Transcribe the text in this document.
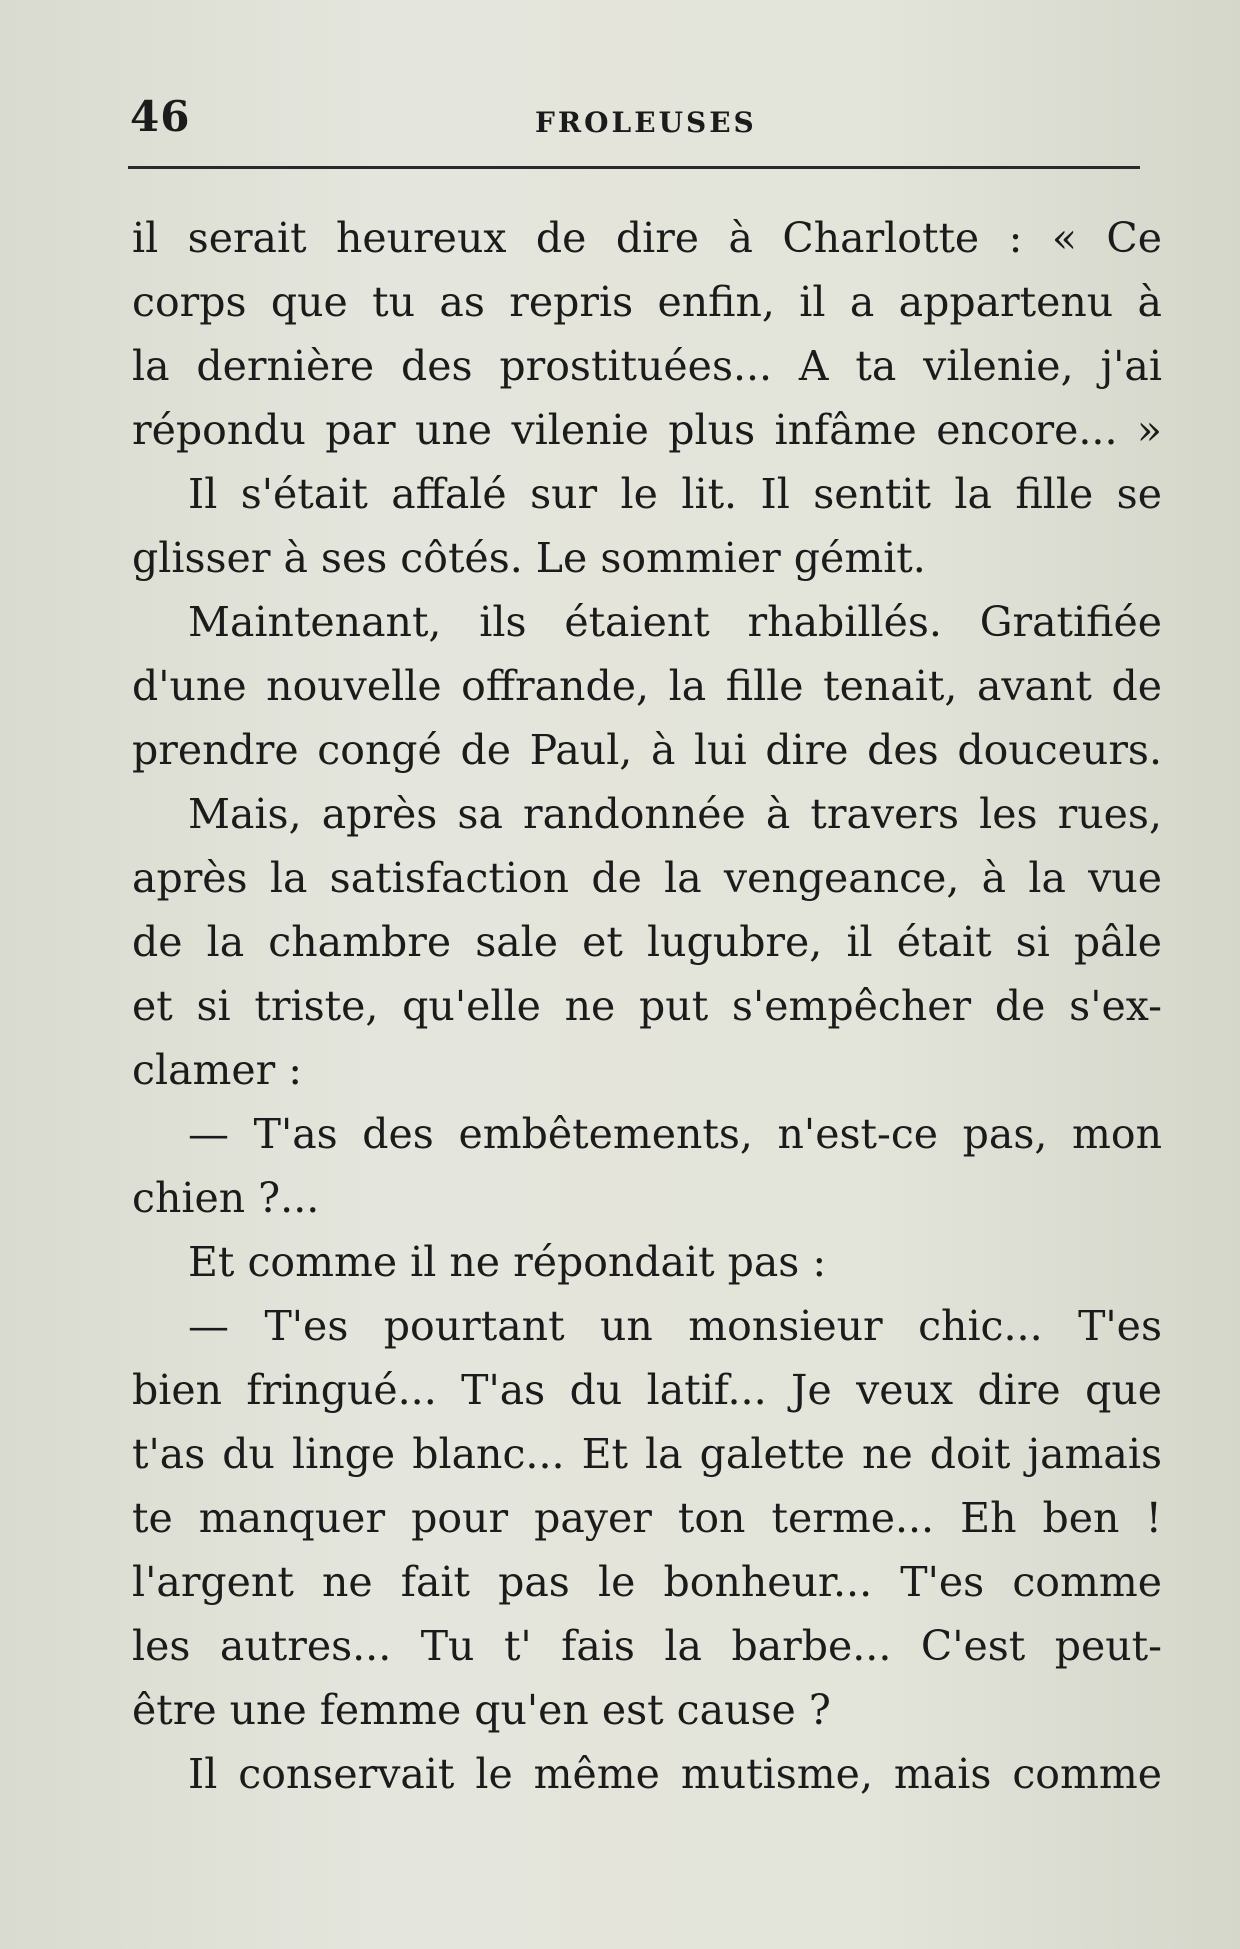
46	FROLEUSES
il serait heureux de dire à Charlotte : « Ce
corps que tu as repris enfin, il a appartenu à
la dernière des prostituées... A ta vilenie, j'ai
répondu par une vilenie plus infâme encore... »
Il s'était affalé sur le lit. Il sentit la fille se
glisser à ses côtés. Le sommier gémit.
Maintenant, ils étaient rhabillés. Gratifiée
d'une nouvelle offrande, la fille tenait, avant de
prendre congé de Paul, à lui dire des douceurs.
Mais, après sa randonnée à travers les rues,
après la satisfaction de la vengeance, à la vue
de la chambre sale et lugubre, il était si pâle
et si triste, qu'elle ne put s'empêcher de s'ex-
clamer :
— T'as des embêtements, n'est-ce pas, mon
chien ?...
Et comme il ne répondait pas :
— T'es pourtant un monsieur chic... T'es
bien fringué... T'as du latif... Je veux dire que
t'as du linge blanc... Et la galette ne doit jamais
te manquer pour payer ton terme... Eh ben !
l'argent ne fait pas le bonheur... T'es comme
les autres... Tu t' fais la barbe... C'est peut-
être une femme qu'en est cause ?
Il conservait le même mutisme, mais comme
